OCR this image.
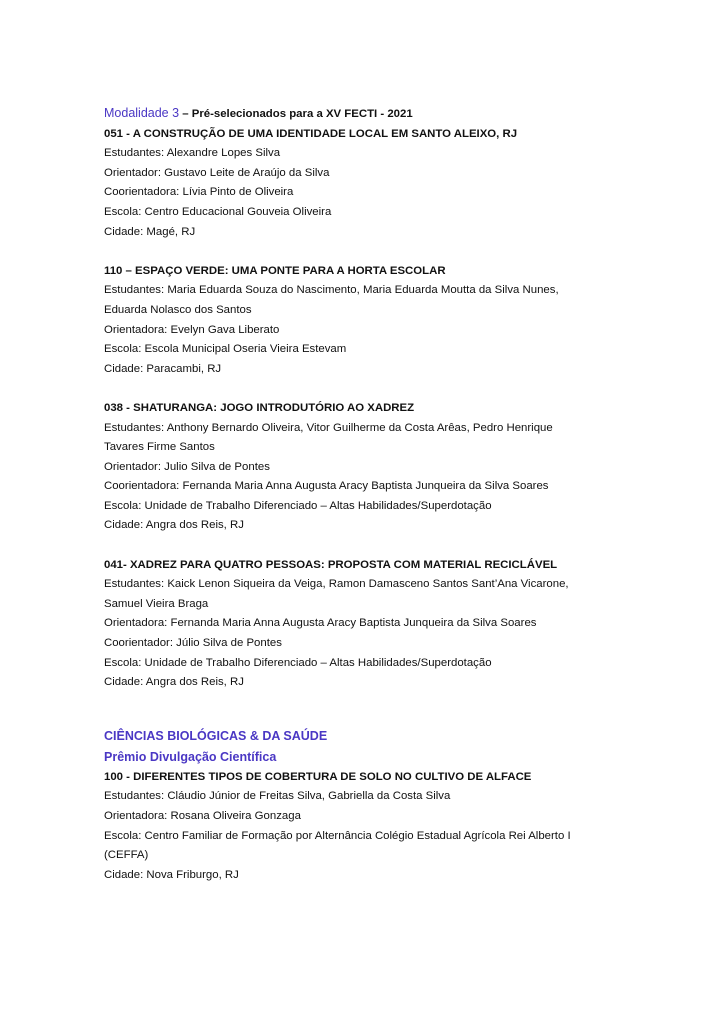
Modalidade 3 – Pré-selecionados para a XV FECTI - 2021
051 - A CONSTRUÇÃO DE UMA IDENTIDADE LOCAL EM SANTO ALEIXO, RJ
Estudantes: Alexandre Lopes Silva
Orientador: Gustavo Leite de Araújo da Silva
Coorientadora: Lívia Pinto de Oliveira
Escola: Centro Educacional Gouveia Oliveira
Cidade: Magé, RJ
110 – ESPAÇO VERDE: UMA PONTE PARA A HORTA ESCOLAR
Estudantes: Maria Eduarda Souza do Nascimento, Maria Eduarda Moutta da Silva Nunes,
Eduarda Nolasco dos Santos
Orientadora: Evelyn Gava Liberato
Escola: Escola Municipal Oseria Vieira Estevam
Cidade: Paracambi, RJ
038 - SHATURANGA: JOGO INTRODUTÓRIO AO XADREZ
Estudantes: Anthony Bernardo Oliveira, Vitor Guilherme da Costa Arêas, Pedro Henrique
Tavares Firme Santos
Orientador: Julio Silva de Pontes
Coorientadora: Fernanda Maria Anna Augusta Aracy Baptista Junqueira da Silva Soares
Escola: Unidade de Trabalho Diferenciado – Altas Habilidades/Superdotação
Cidade: Angra dos Reis, RJ
041- XADREZ PARA QUATRO PESSOAS: PROPOSTA COM MATERIAL RECICLÁVEL
Estudantes: Kaick Lenon Siqueira da Veiga, Ramon Damasceno Santos Sant’Ana Vicarone,
Samuel Vieira Braga
Orientadora: Fernanda Maria Anna Augusta Aracy Baptista Junqueira da Silva Soares
Coorientador: Júlio Silva de Pontes
Escola: Unidade de Trabalho Diferenciado – Altas Habilidades/Superdotação
Cidade: Angra dos Reis, RJ
CIÊNCIAS BIOLÓGICAS & DA SAÚDE
Prêmio Divulgação Científica
100 - DIFERENTES TIPOS DE COBERTURA DE SOLO NO CULTIVO DE ALFACE
Estudantes: Cláudio Júnior de Freitas Silva, Gabriella da Costa Silva
Orientadora: Rosana Oliveira Gonzaga
Escola: Centro Familiar de Formação por Alternância Colégio Estadual Agrícola Rei Alberto I
(CEFFA)
Cidade: Nova Friburgo, RJ
